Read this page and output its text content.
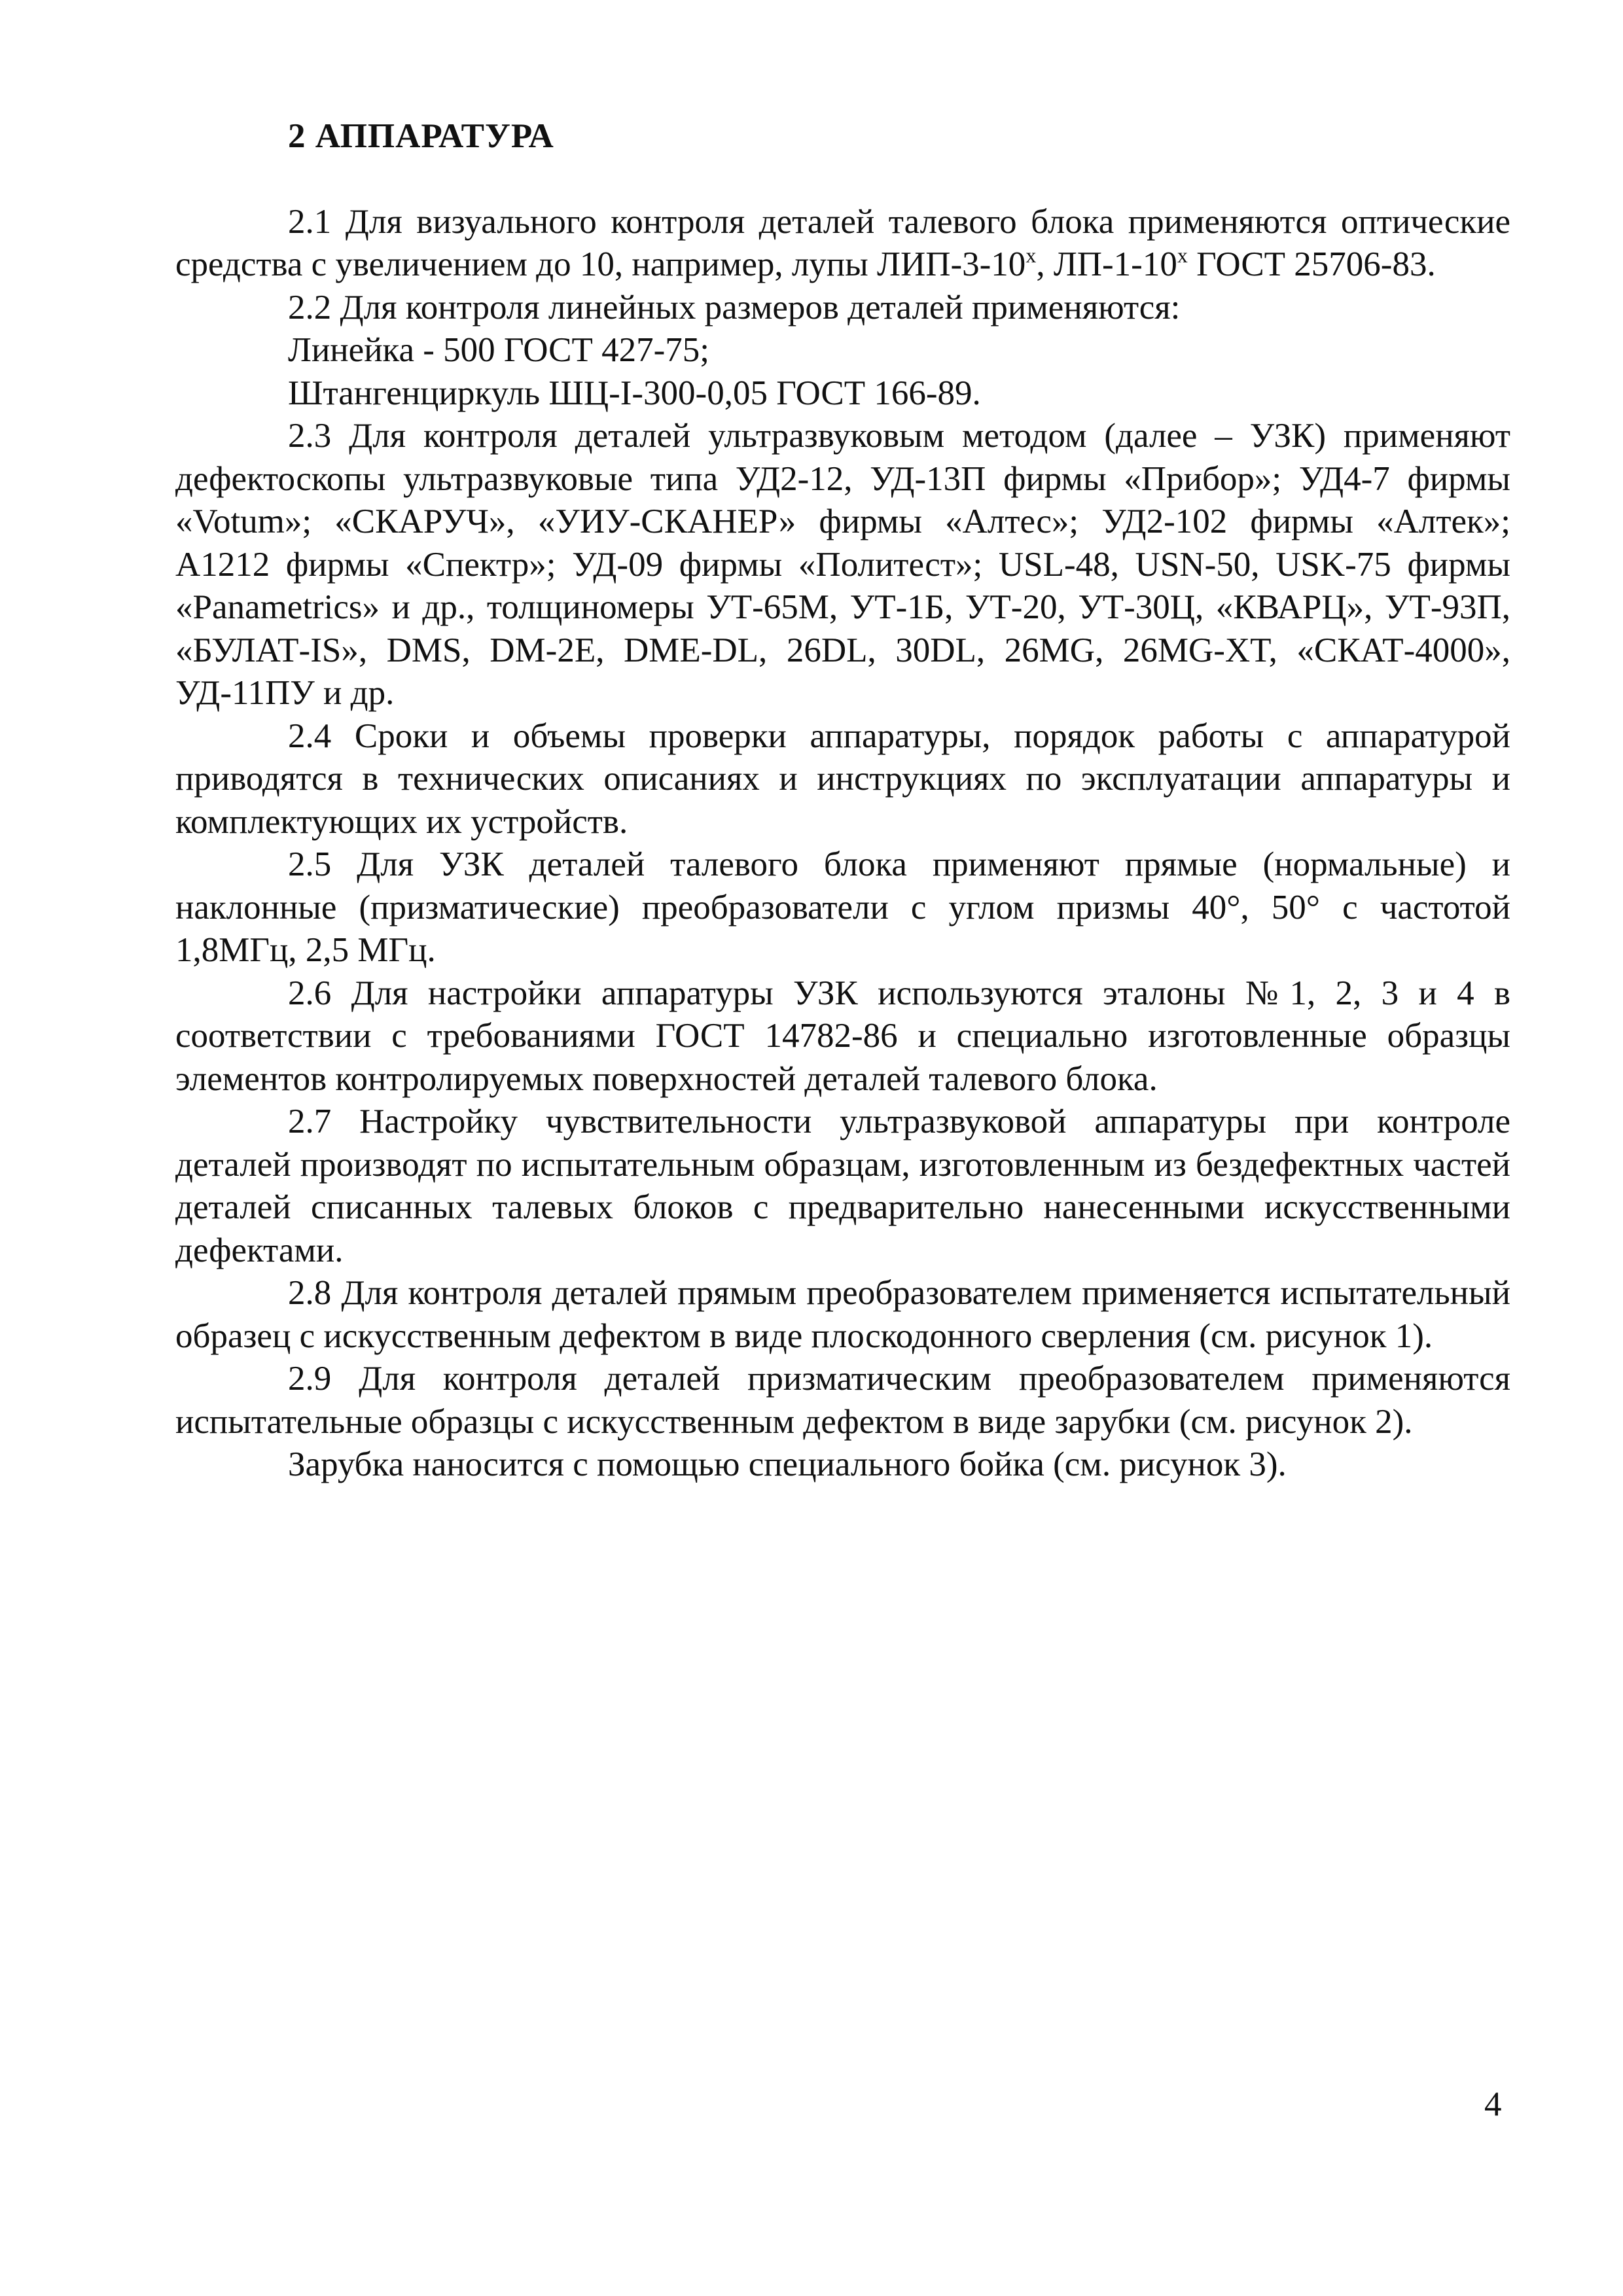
2 АППАРАТУРА

2.1 Для визуального контроля деталей талевого блока применяются оптические средства с увеличением до 10, например, лупы ЛИП-$3-10^х$, $ЛП-1-10^х$ ГОСТ 25706-83.

2.2 Для контроля линейных размеров деталей применяются:

Линейка - 500 ГОСТ 427-75;

Штангенциркуль ШЦ-I-300-0,05 ГОСТ 166-89.

2.3 Для контроля деталей ультразвуковым методом (далее – УЗК) применяют дефектоскопы ультразвуковые типа УД2-12, УД-13П фирмы «Прибор»; УД4-7 фирмы «Votum»; «СКАРУЧ», «УИУ-СКАНЕР» фирмы «Алтес»; УД2-102 фирмы «Алтек»; А1212 фирмы «Спектр»; УД-09 фирмы «Политест»; USL-48, USN-50, USK-75 фирмы «Panametrics» и др., толщиномеры УТ-65М, УТ-1Б, УТ-20, УТ-30Ц, «КВАРЦ», УТ-93П, «БУЛАТ-IS», DMS, DM-2E, DME-DL, 26DL, 30DL, 26MG, 26MG-XT, «СКАТ-4000», УД-11ПУ и др.

2.4 Сроки и объемы проверки аппаратуры, порядок работы с аппаратурой приводятся в технических описаниях и инструкциях по эксплуатации аппаратуры и комплектующих их устройств.

2.5 Для УЗК деталей талевого блока применяют прямые (нормальные) и наклонные (призматические) преобразователи с углом призмы 40°, 50° с частотой 1,8МГц, 2,5 МГц.

2.6 Для настройки аппаратуры УЗК используются эталоны №1, 2, 3 и 4 в соответствии с требованиями ГОСТ 14782-86 и специально изготовленные образцы элементов контролируемых поверхностей деталей талевого блока.

2.7 Настройку чувствительности ультразвуковой аппаратуры при контроле деталей производят по испытательным образцам, изготовленным из бездефектных частей деталей списанных талевых блоков с предварительно нанесенными искусственными дефектами.

2.8 Для контроля деталей прямым преобразователем применяется испытательный образец с искусственным дефектом в виде плоскодонного сверления (см. рисунок 1).

2.9 Для контроля деталей призматическим преобразователем применяются испытательные образцы с искусственным дефектом в виде зарубки (см. рисунок 2).

Зарубка наносится с помощью специального бойка (см. рисунок 3).

4
